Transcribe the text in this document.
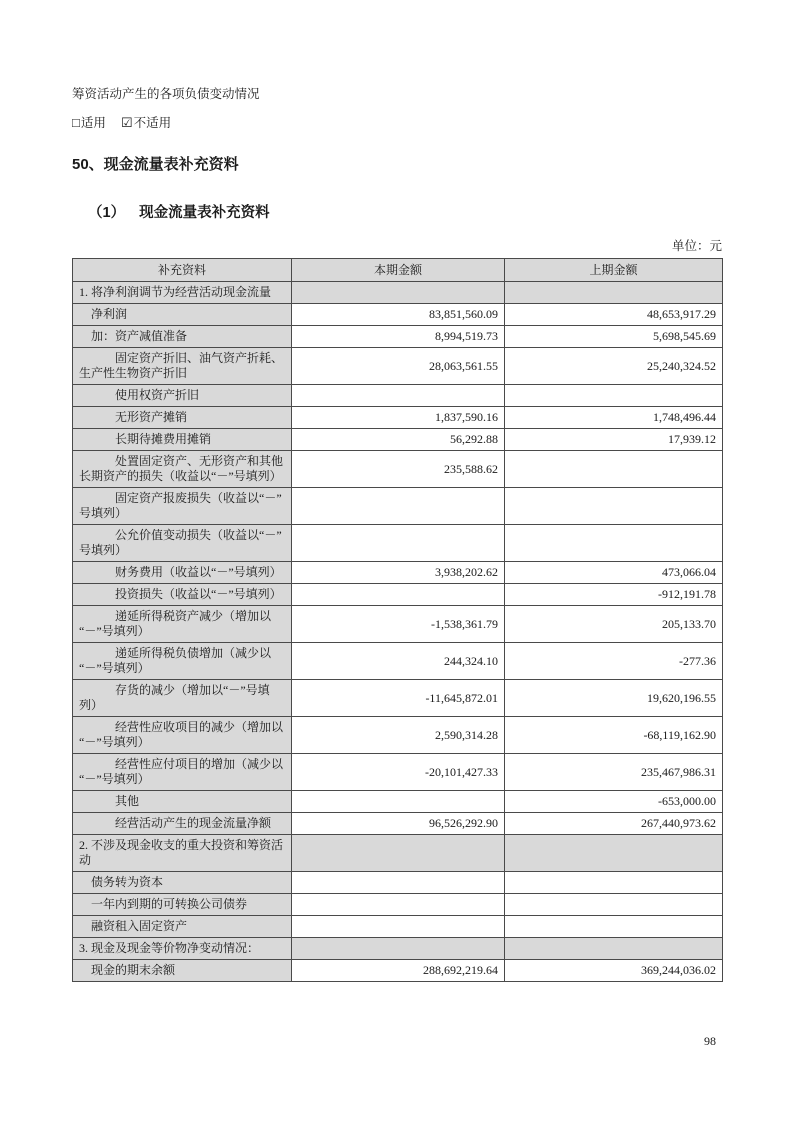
筹资活动产生的各项负债变动情况
□适用 ☑不适用
50、现金流量表补充资料
（1） 现金流量表补充资料
单位：元
补充资料	本期金额	上期金额
1. 将净利润调节为经营活动现金流量		
净利润	83,851,560.09	48,653,917.29
加：资产减值准备	8,994,519.73	5,698,545.69
固定资产折旧、油气资产折耗、生产性生物资产折旧	28,063,561.55	25,240,324.52
使用权资产折旧		
无形资产摊销	1,837,590.16	1,748,496.44
长期待摊费用摊销	56,292.88	17,939.12
处置固定资产、无形资产和其他长期资产的损失（收益以“－”号填列）	235,588.62	
固定资产报废损失（收益以“－”号填列）		
公允价值变动损失（收益以“－”号填列）		
财务费用（收益以“－”号填列）	3,938,202.62	473,066.04
投资损失（收益以“－”号填列）		-912,191.78
递延所得税资产减少（增加以“－”号填列）	-1,538,361.79	205,133.70
递延所得税负债增加（减少以“－”号填列）	244,324.10	-277.36
存货的减少（增加以“－”号填列）	-11,645,872.01	19,620,196.55
经营性应收项目的减少（增加以“－”号填列）	2,590,314.28	-68,119,162.90
经营性应付项目的增加（减少以“－”号填列）	-20,101,427.33	235,467,986.31
其他		-653,000.00
经营活动产生的现金流量净额	96,526,292.90	267,440,973.62
2. 不涉及现金收支的重大投资和筹资活动		
债务转为资本		
一年内到期的可转换公司债券		
融资租入固定资产		
3. 现金及现金等价物净变动情况：		
现金的期末余额	288,692,219.64	369,244,036.02
98
